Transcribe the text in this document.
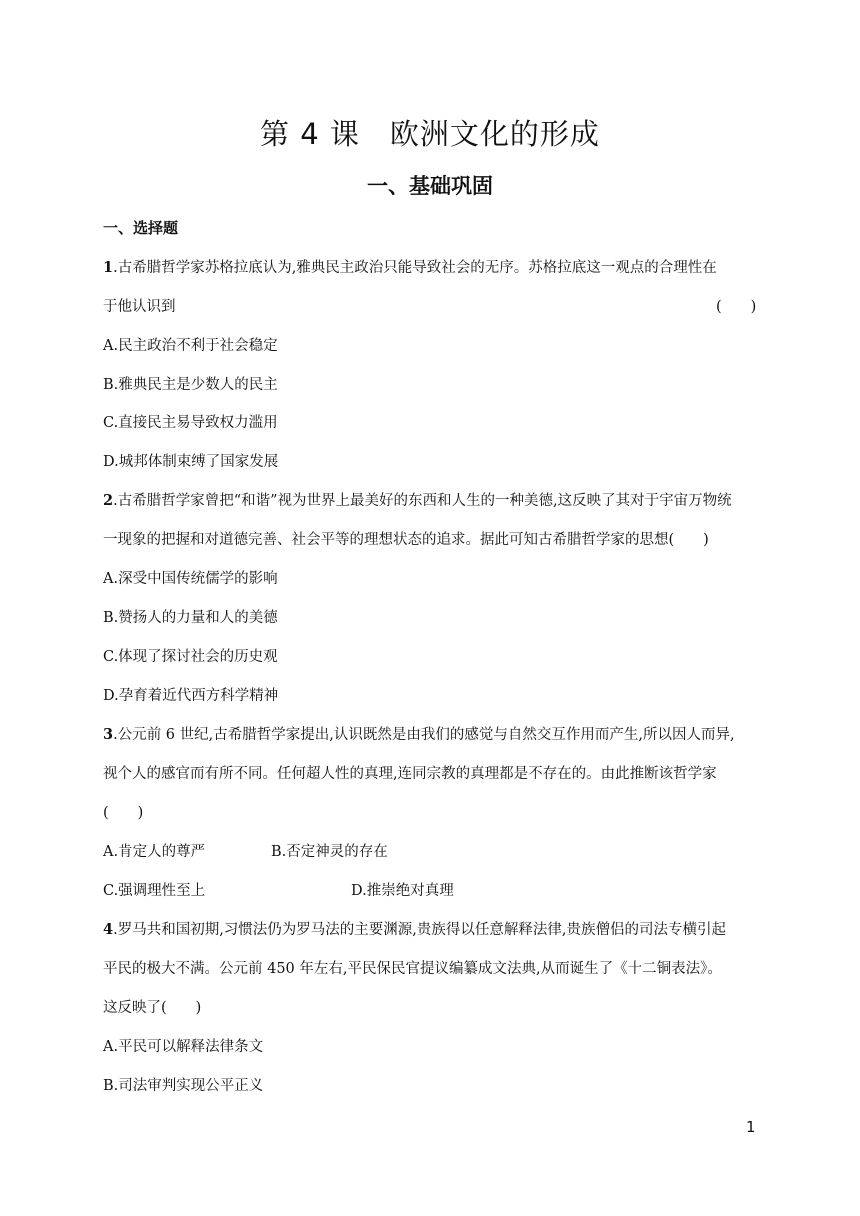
第 4 课　欧洲文化的形成
一、基础巩固
一、选择题
1.古希腊哲学家苏格拉底认为,雅典民主政治只能导致社会的无序。苏格拉底这一观点的合理性在
于他认识到	(　　)
A.民主政治不利于社会稳定
B.雅典民主是少数人的民主
C.直接民主易导致权力滥用
D.城邦体制束缚了国家发展
2.古希腊哲学家曾把“和谐”视为世界上最美好的东西和人生的一种美德,这反映了其对于宇宙万物统
一现象的把握和对道德完善、社会平等的理想状态的追求。据此可知古希腊哲学家的思想(　　)
A.深受中国传统儒学的影响
B.赞扬人的力量和人的美德
C.体现了探讨社会的历史观
D.孕育着近代西方科学精神
3.公元前 6 世纪,古希腊哲学家提出,认识既然是由我们的感觉与自然交互作用而产生,所以因人而异,
视个人的感官而有所不同。任何超人性的真理,连同宗教的真理都是不存在的。由此推断该哲学家
(　　)
A.肯定人的尊严	B.否定神灵的存在
C.强调理性至上	D.推崇绝对真理
4.罗马共和国初期,习惯法仍为罗马法的主要渊源,贵族得以任意解释法律,贵族僧侣的司法专横引起
平民的极大不满。公元前 450 年左右,平民保民官提议编纂成文法典,从而诞生了《十二铜表法》。
这反映了(　　)
A.平民可以解释法律条文
B.司法审判实现公平正义
1
